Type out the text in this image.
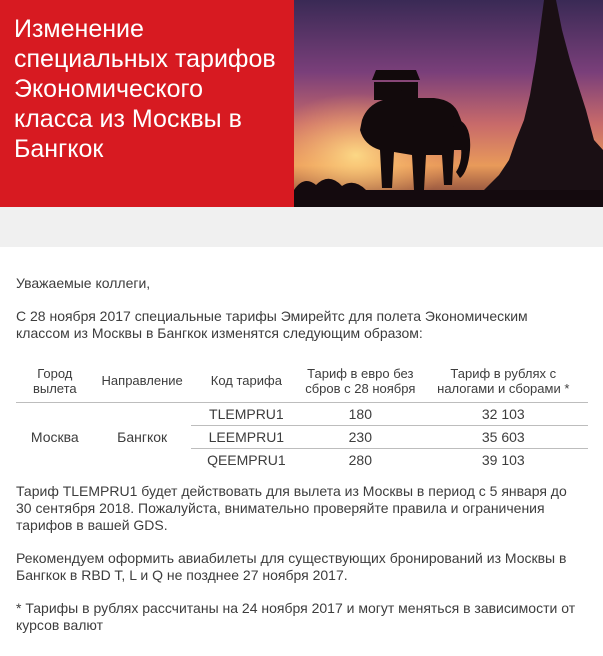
Изменение специальных тарифов Экономического класса из Москвы в Бангкок

Уважаемые коллеги,

С 28 ноября 2017 специальные тарифы Эмирейтс для полета Экономическим классом из Москвы в Бангкок изменятся следующим образом:

Город вылета	Направление	Код тарифа	Тариф в евро без сбров с 28 ноября	Тариф в рублях с налогами и сборами *
Москва	Бангкок	TLEMPRU1	180	32 103
		LEEMPRU1	230	35 603
		QEEMPRU1	280	39 103

Тариф TLEMPRU1 будет действовать для вылета из Москвы в период с 5 января до 30 сентября 2018. Пожалуйста, внимательно проверяйте правила и ограничения тарифов в вашей GDS.

Рекомендуем оформить авиабилеты для существующих бронирований из Москвы в Бангкок в RBD T, L и Q не позднее 27 ноября 2017.

* Тарифы в рублях рассчитаны на 24 ноября 2017 и могут меняться в зависимости от курсов валют
